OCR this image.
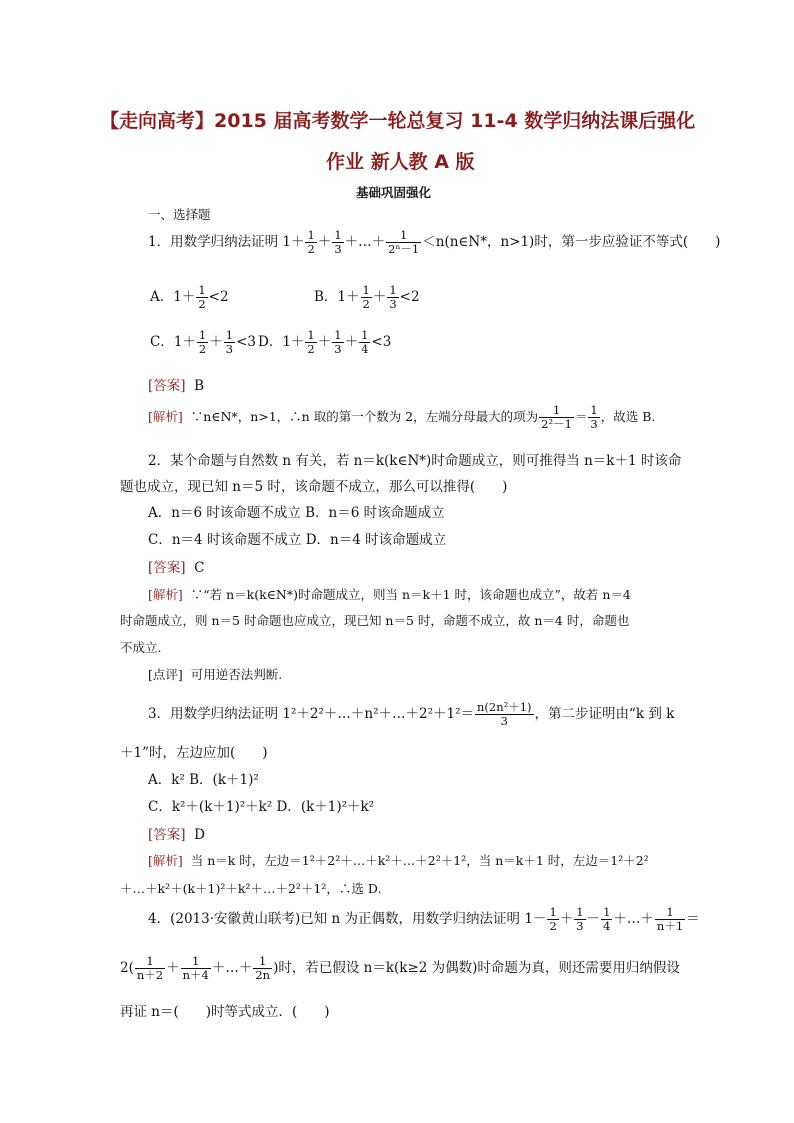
【走向高考】2015 届高考数学一轮总复习 11-4 数学归纳法课后强化
作业 新人教 A 版
基础巩固强化
一、选择题
1．用数学归纳法证明 $1+ \frac{1}{2} + \frac{1}{3}$ ＋…＋ $\frac{1}{\text{2ⁿ－1}}$ ＜n(n∈N*，n>1)时，第一步应验证不等式(　　)
A．$1+ \frac{1}{2} <2$	B．$1+ \frac{1}{2} + \frac{1}{3} <2$
C．$1+ \frac{1}{2} + \frac{1}{3} <3$ D．$1+ \frac{1}{2} + \frac{1}{3} + \frac{1}{4} <3$
[答案] B
[解析] ∵n∈N*，n>1，∴n 取的第一个数为 2，左端分母最大的项为 $\frac{1}{\text{2²－1}} = \frac{1}{3}$ ，故选 B.
2．某个命题与自然数 n 有关，若 n＝k(k∈N*)时命题成立，则可推得当 n＝k＋1 时该命
题也成立，现已知 n＝5 时，该命题不成立，那么可以推得(　　)
A．n＝6 时该命题不成立 B．n＝6 时该命题成立
C．n＝4 时该命题不成立 D．n＝4 时该命题成立
[答案] C
[解析] ∵“若 n＝k(k∈N*)时命题成立，则当 n＝k＋1 时，该命题也成立”，故若 n＝4
时命题成立，则 n＝5 时命题也应成立，现已知 n＝5 时，命题不成立，故 n＝4 时，命题也
不成立.
[点评] 可用逆否法判断.
3．用数学归纳法证明 1²＋2²＋…＋n²＋…＋2²＋1²＝ $\frac{\text{n(2n²＋1)}}{3}$ ，第二步证明由“k 到 k
＋1”时，左边应加(　　)
A．k² B．(k＋1)²
C．k²＋(k＋1)²＋k² D．(k＋1)²＋k²
[答案] D
[解析] 当 n＝k 时，左边＝1²＋2²＋…＋k²＋…＋2²＋1²，当 n＝k＋1 时，左边＝1²＋2²
＋…＋k²＋(k＋1)²＋k²＋…＋2²＋1²，∴选 D.
4．(2013·安徽黄山联考)已知 n 为正偶数，用数学归纳法证明 $1- \frac{1}{2} + \frac{1}{3} - \frac{1}{4}$ ＋…＋ $\frac{1}{n+1}$ ＝
$2( \frac{1}{n+2} + \frac{1}{n+4}$ ＋…＋ $\frac{1}{2n}$ )时，若已假设 n＝k(k≥2 为偶数)时命题为真，则还需要用归纳假设
再证 n＝(　　)时等式成立．(　　)
